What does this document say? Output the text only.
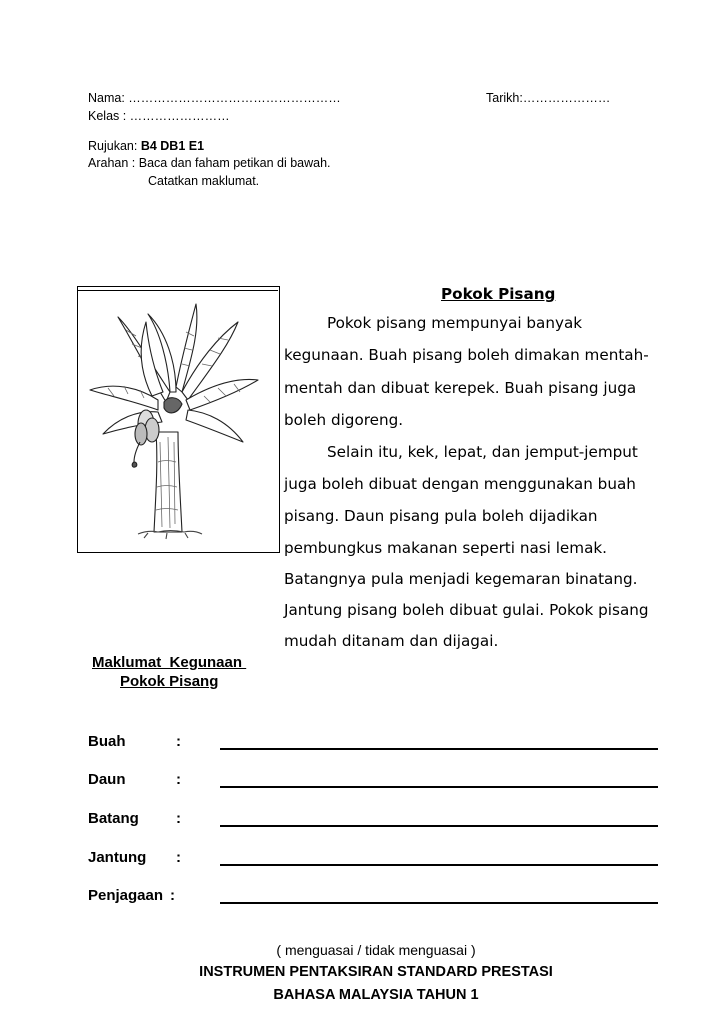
Nama: ……………………………………………	Tarikh:…………………
Kelas : ……………………
Rujukan: B4 DB1 E1
Arahan : Baca dan faham petikan di bawah.
Catatkan maklumat.
Pokok Pisang
Pokok pisang mempunyai banyak
kegunaan. Buah pisang boleh dimakan mentah-
mentah dan dibuat kerepek. Buah pisang juga
boleh digoreng.
Selain itu, kek, lepat, dan jemput-jemput
juga boleh dibuat dengan menggunakan buah
pisang. Daun pisang pula boleh dijadikan
pembungkus makanan seperti nasi lemak.
Batangnya pula menjadi kegemaran binatang.
Jantung pisang boleh dibuat gulai. Pokok pisang
mudah ditanam dan dijagai.
Maklumat  Kegunaan
Pokok Pisang
Buah	:
Daun	:
Batang :
Jantung :
Penjagaan :
( menguasai / tidak menguasai )
INSTRUMEN PENTAKSIRAN STANDARD PRESTASI
BAHASA MALAYSIA TAHUN 1
